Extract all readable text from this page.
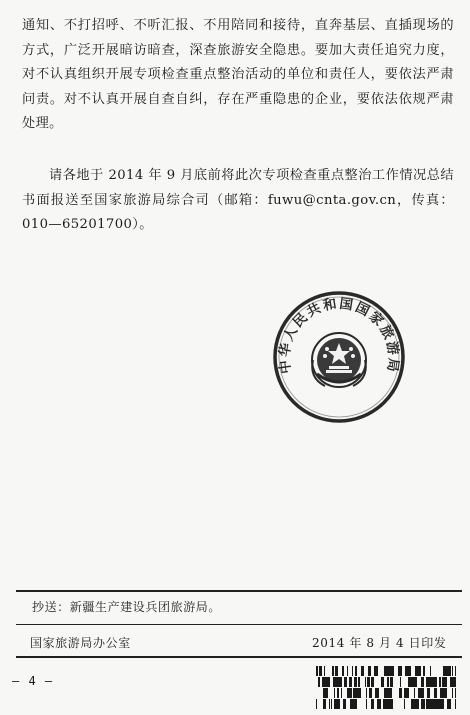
通知、不打招呼、不听汇报、不用陪同和接待，直奔基层、直插现场的方式，广泛开展暗访暗查，深查旅游安全隐患。要加大责任追究力度，对不认真组织开展专项检查重点整治活动的单位和责任人，要依法严肃问责。对不认真开展自查自纠，存在严重隐患的企业，要依法依规严肃处理。

请各地于 2014 年 9 月底前将此次专项检查重点整治工作情况总结书面报送至国家旅游局综合司（邮箱：fuwu@cnta.gov.cn，传真：010—65201700）。

中华人民共和国国家旅游局
抄送：新疆生产建设兵团旅游局。
国家旅游局办公室	2014 年 8 月 4 日印发
— 4 —
